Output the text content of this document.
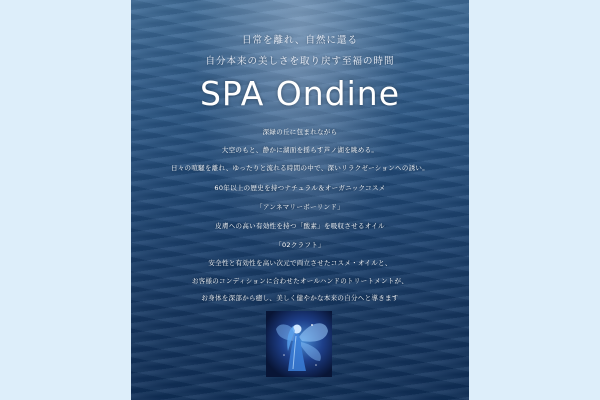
日常を離れ、自然に還る
自分本来の美しさを取り戻す至福の時間
SPA Ondine
深緑の丘に包まれながら
大空のもと、静かに湖面を揺らす芦ノ湖を眺める。
日々の喧騒を離れ、ゆったりと流れる時間の中で、深いリラクゼーションへの誘い。
60年以上の歴史を持つナチュラル＆オーガニックコスメ
「アンネマリーボーリンド」
皮膚への高い有効性を持つ「酸素」を吸収させるオイル
「02クラフト」
安全性と有効性を高い次元で両立させたコスメ・オイルと、
お客様のコンディションに合わせたオールハンドのトリートメントが、
お身体を深部から癒し、美しく健やかな本来の自分へと導きます
